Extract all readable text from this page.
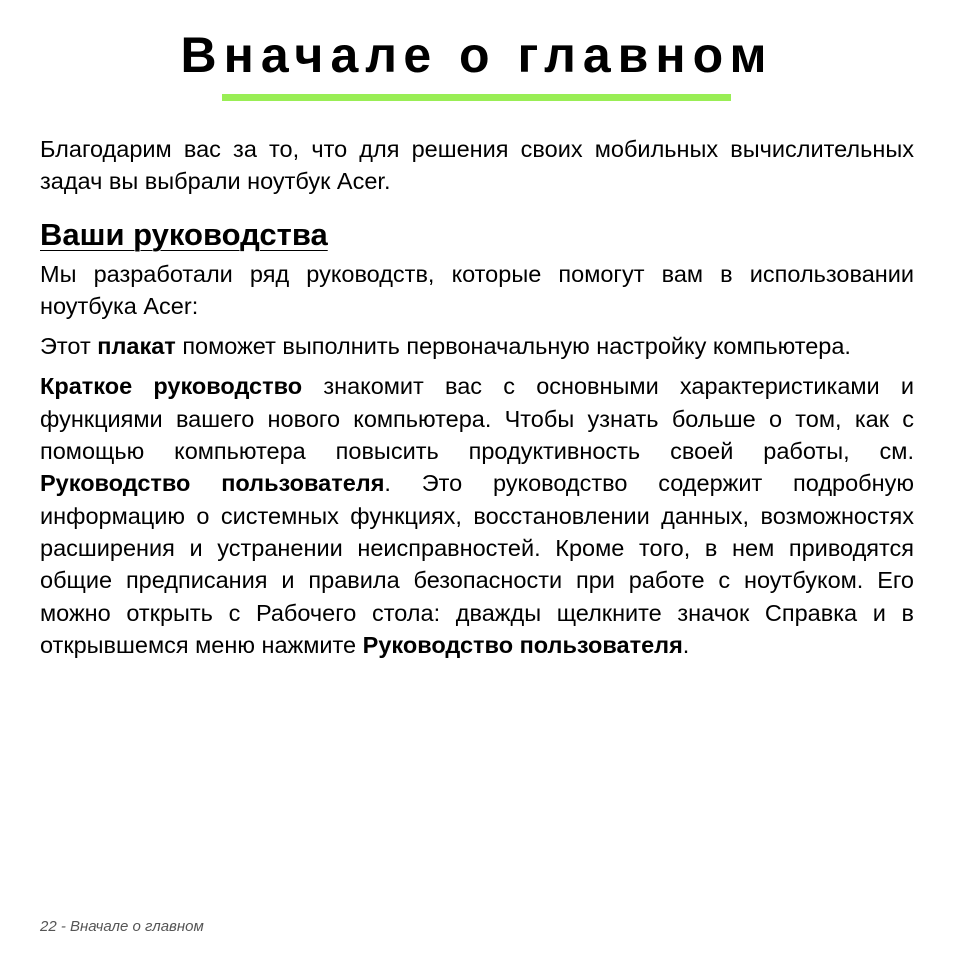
Вначале о главном

Благодарим вас за то, что для решения своих мобильных вычислительных задач вы выбрали ноутбук Acer.

Ваши руководства

Мы разработали ряд руководств, которые помогут вам в использовании ноутбука Acer:

Этот плакат поможет выполнить первоначальную настройку компьютера.

Краткое руководство знакомит вас с основными характеристиками и функциями вашего нового компьютера. Чтобы узнать больше о том, как с помощью компьютера повысить продуктивность своей работы, см. Руководство пользователя. Это руководство содержит подробную информацию о системных функциях, восстановлении данных, возможностях расширения и устранении неисправностей. Кроме того, в нем приводятся общие предписания и правила безопасности при работе с ноутбуком. Его можно открыть с Рабочего стола: дважды щелкните значок Справка и в открывшемся меню нажмите Руководство пользователя.

22 - Вначале о главном
